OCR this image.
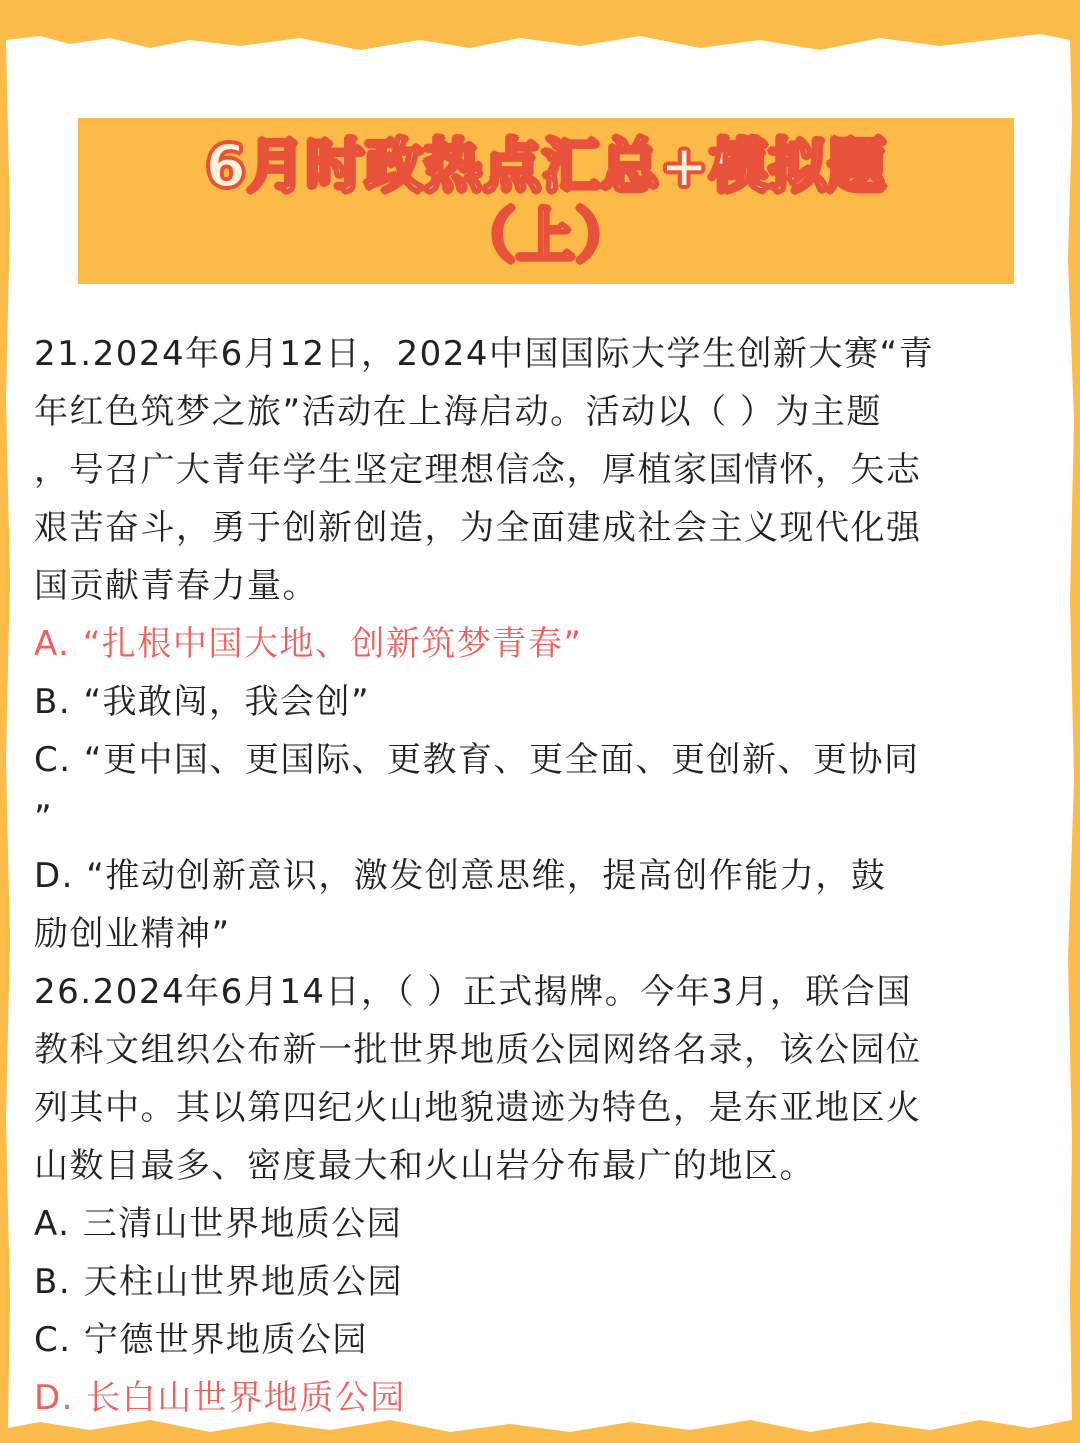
6月时政热点汇总+模拟题
（上）

21.2024年6月12日，2024中国国际大学生创新大赛“青

年红色筑梦之旅”活动在上海启动。活动以（ ）为主题

，号召广大青年学生坚定理想信念，厚植家国情怀，矢志

艰苦奋斗，勇于创新创造，为全面建成社会主义现代化强

国贡献青春力量。

A. “扎根中国大地、创新筑梦青春”

B. “我敢闯，我会创”

C. “更中国、更国际、更教育、更全面、更创新、更协同

”

D. “推动创新意识，激发创意思维，提高创作能力，鼓

励创业精神”

26.2024年6月14日，（ ）正式揭牌。今年3月，联合国

教科文组织公布新一批世界地质公园网络名录，该公园位

列其中。其以第四纪火山地貌遗迹为特色，是东亚地区火

山数目最多、密度最大和火山岩分布最广的地区。

A. 三清山世界地质公园

B. 天柱山世界地质公园

C. 宁德世界地质公园

D. 长白山世界地质公园
